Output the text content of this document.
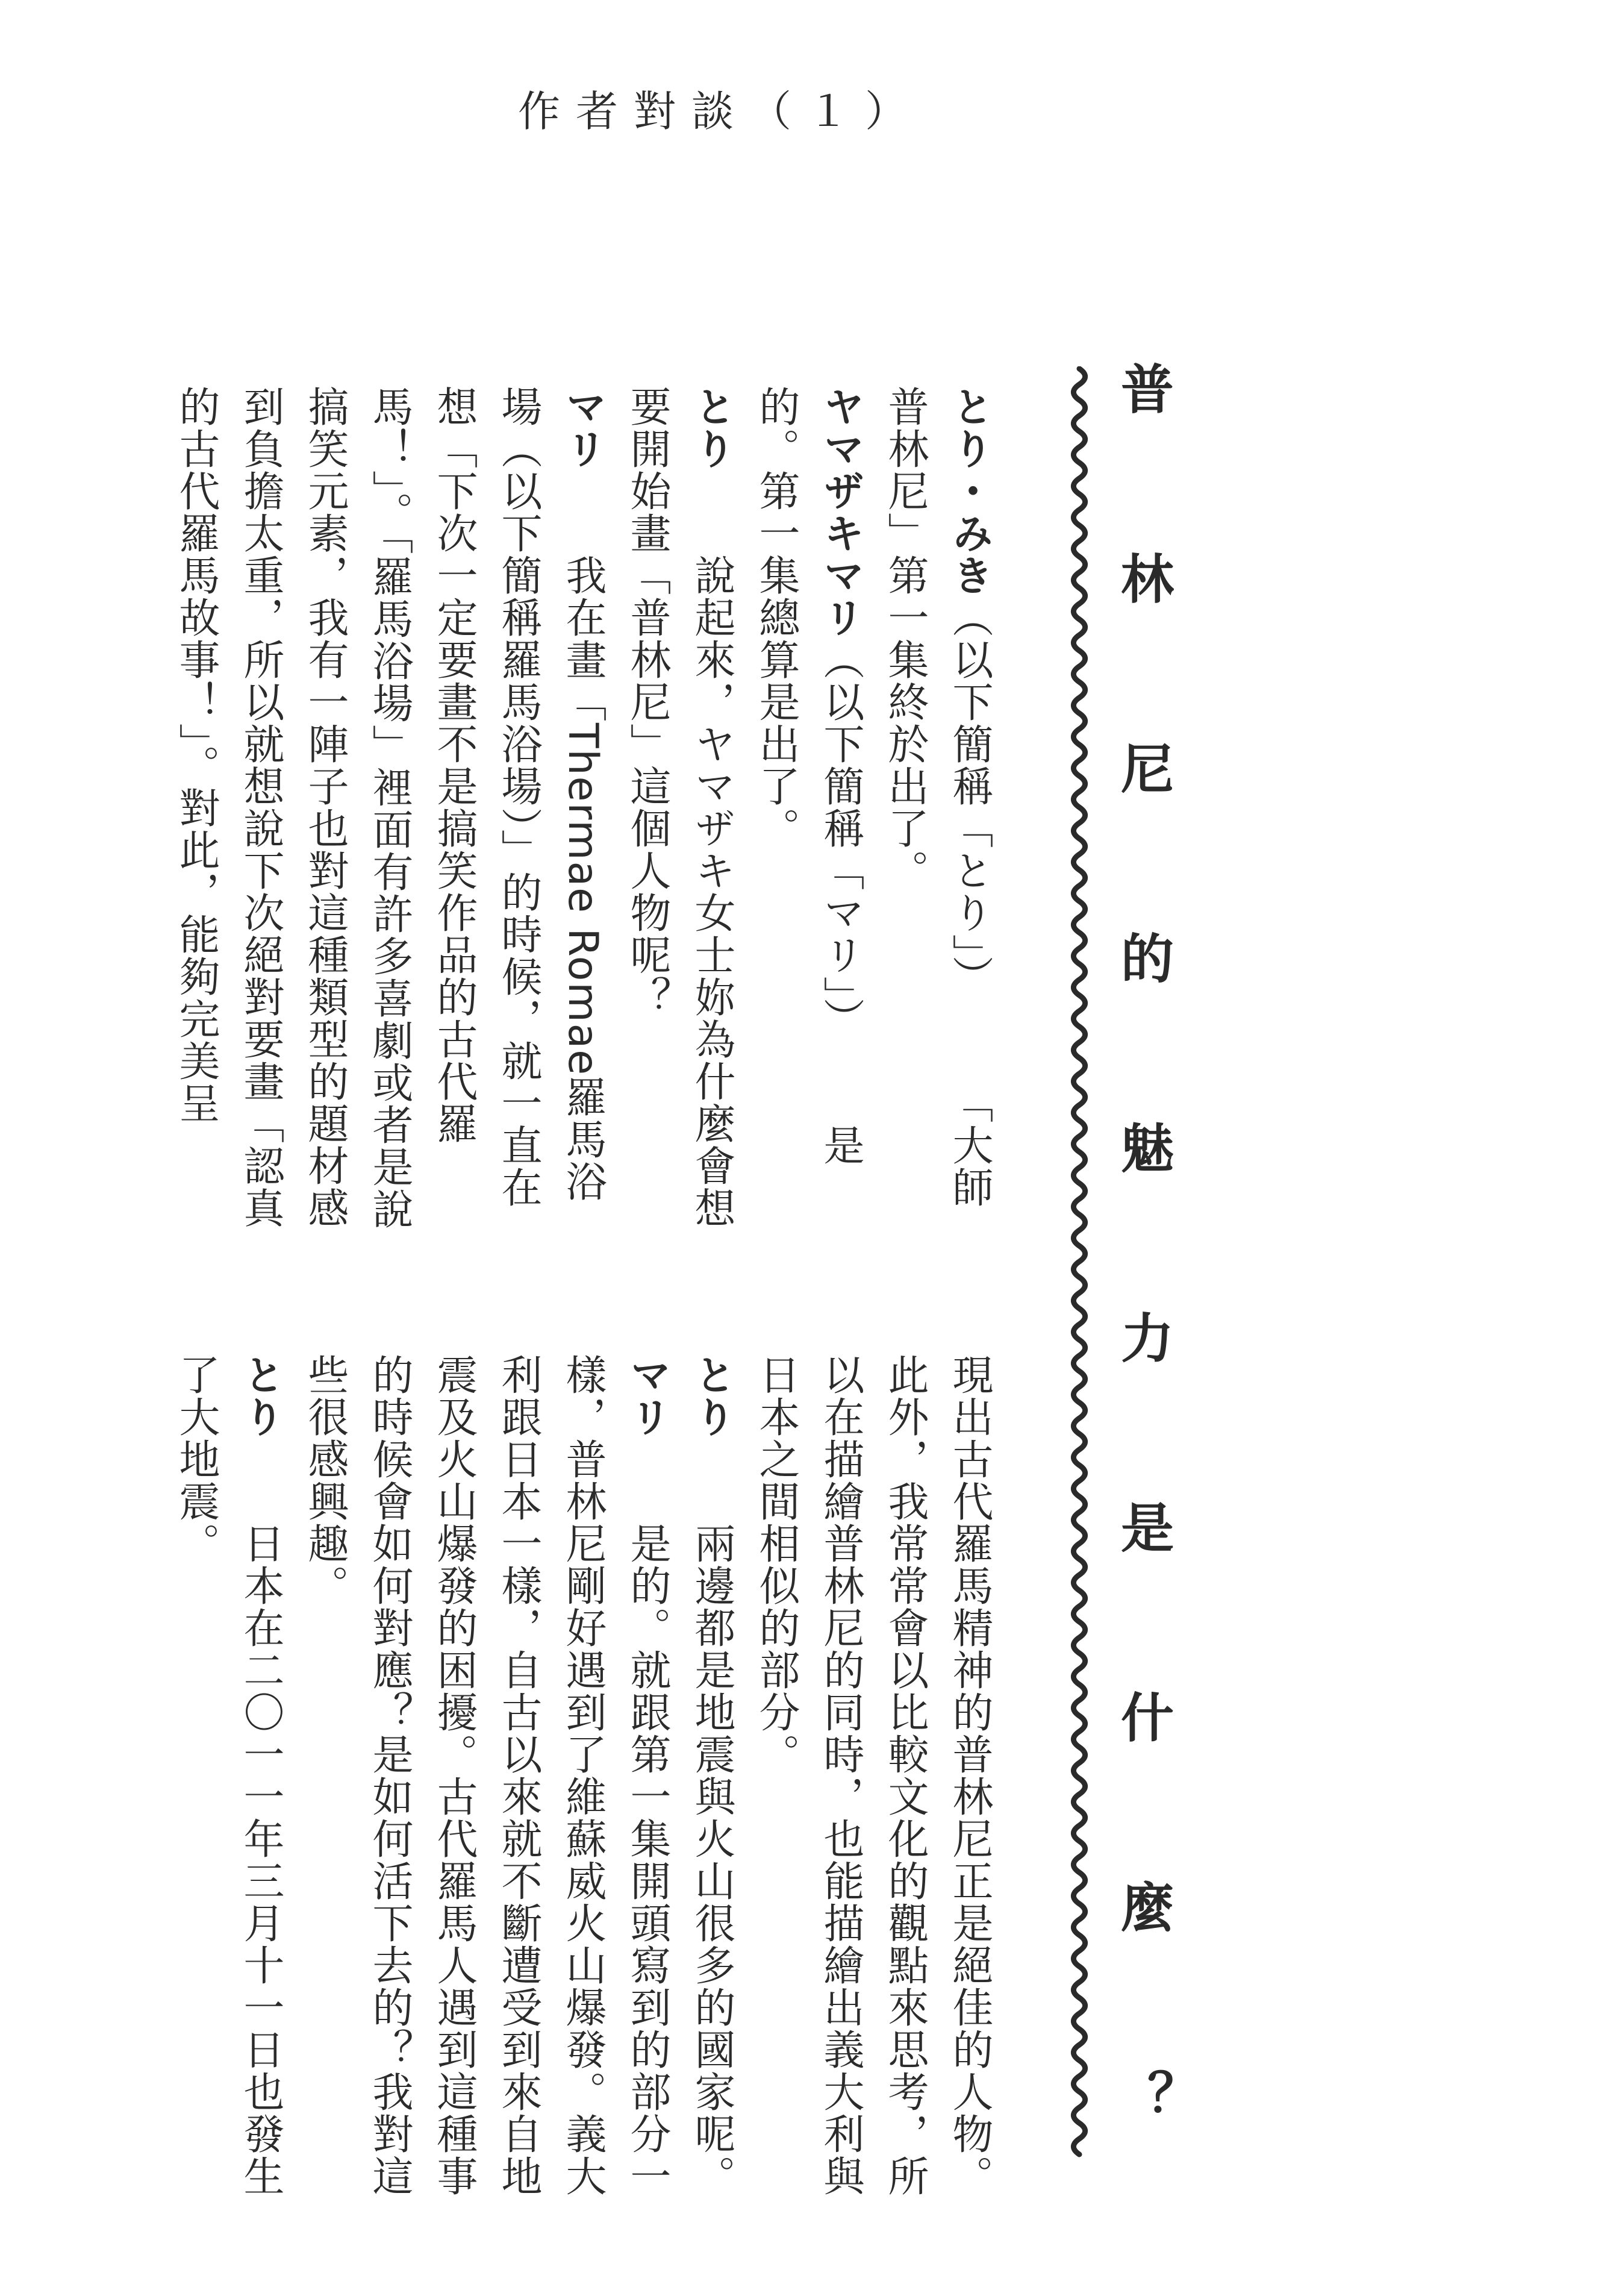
作者對談（１）
普林尼的魅力是什麼？

とり・みき（以下簡稱「とり」）「大師普林尼」第一集終於出了。

ヤマザキマリ（以下簡稱「マリ」）是的。第一集總算是出了。

とり說起來，ヤマザキ女士妳為什麼會想要開始畫「普林尼」這個人物呢？

マリ我在畫「Thermae Romae羅馬浴場（以下簡稱羅馬浴場）」的時候，就一直在想「下次一定要畫不是搞笑作品的古代羅馬！」。「羅馬浴場」裡面有許多喜劇或者是說搞笑元素，我有一陣子也對這種類型的題材感到負擔太重，所以就想說下次絕對要畫「認真的古代羅馬故事！」。對此，能夠完美呈

現出古代羅馬精神的普林尼正是絕佳的人物。此外，我常常會以比較文化的觀點來思考，所以在描繪普林尼的同時，也能描繪出義大利與日本之間相似的部分。

とり兩邊都是地震與火山很多的國家呢。

マリ是的。就跟第一集開頭寫到的部分一樣，普林尼剛好遇到了維蘇威火山爆發。義大利跟日本一樣，自古以來就不斷遭受到來自地震及火山爆發的困擾。古代羅馬人遇到這種事的時候會如何對應？是如何活下去的？我對這些很感興趣。

とり日本在二〇一一年三月十一日也發生了大地震。
